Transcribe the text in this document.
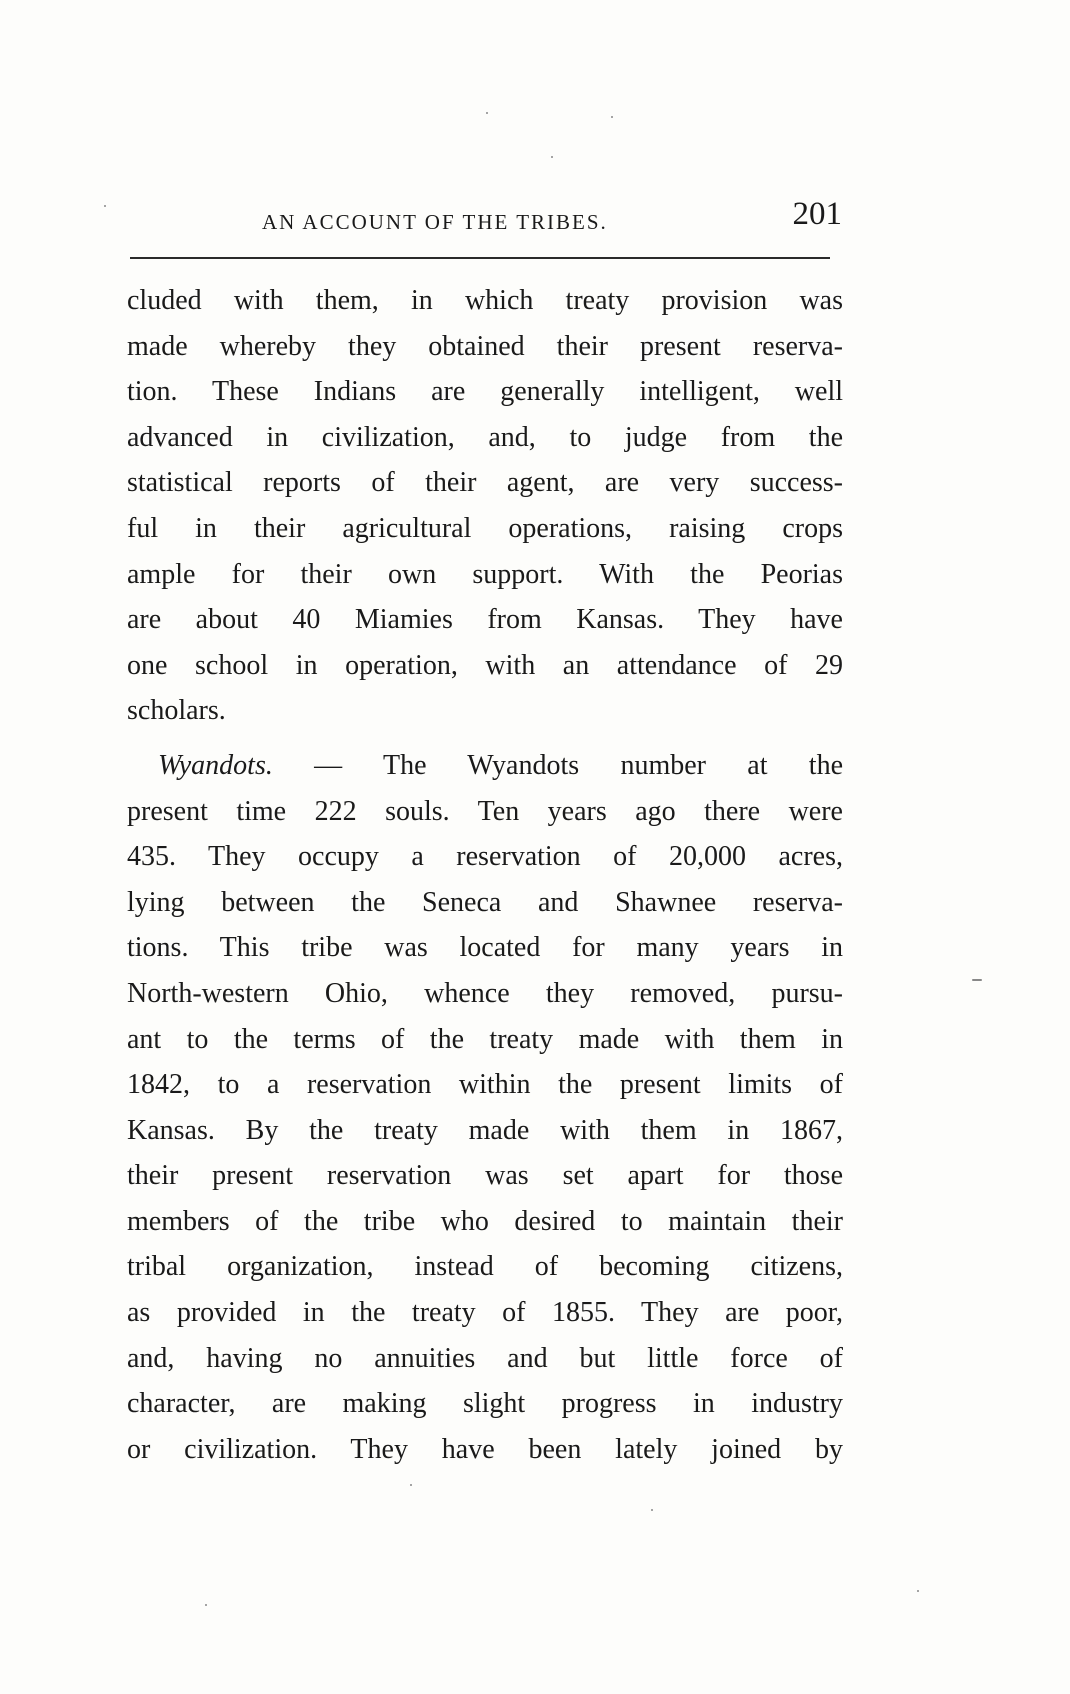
AN ACCOUNT OF THE TRIBES.	201
cluded with them, in which treaty provision was
made whereby they obtained their present reserva-
tion. These Indians are generally intelligent, well
advanced in civilization, and, to judge from the
statistical reports of their agent, are very success-
ful in their agricultural operations, raising crops
ample for their own support. With the Peorias
are about 40 Miamies from Kansas. They have
one school in operation, with an attendance of 29
scholars.
Wyandots. — The Wyandots number at the
present time 222 souls. Ten years ago there were
435. They occupy a reservation of 20,000 acres,
lying between the Seneca and Shawnee reserva-
tions. This tribe was located for many years in
North-western Ohio, whence they removed, pursu-
ant to the terms of the treaty made with them in
1842, to a reservation within the present limits of
Kansas. By the treaty made with them in 1867,
their present reservation was set apart for those
members of the tribe who desired to maintain their
tribal organization, instead of becoming citizens,
as provided in the treaty of 1855. They are poor,
and, having no annuities and but little force of
character, are making slight progress in industry
or civilization. They have been lately joined by
